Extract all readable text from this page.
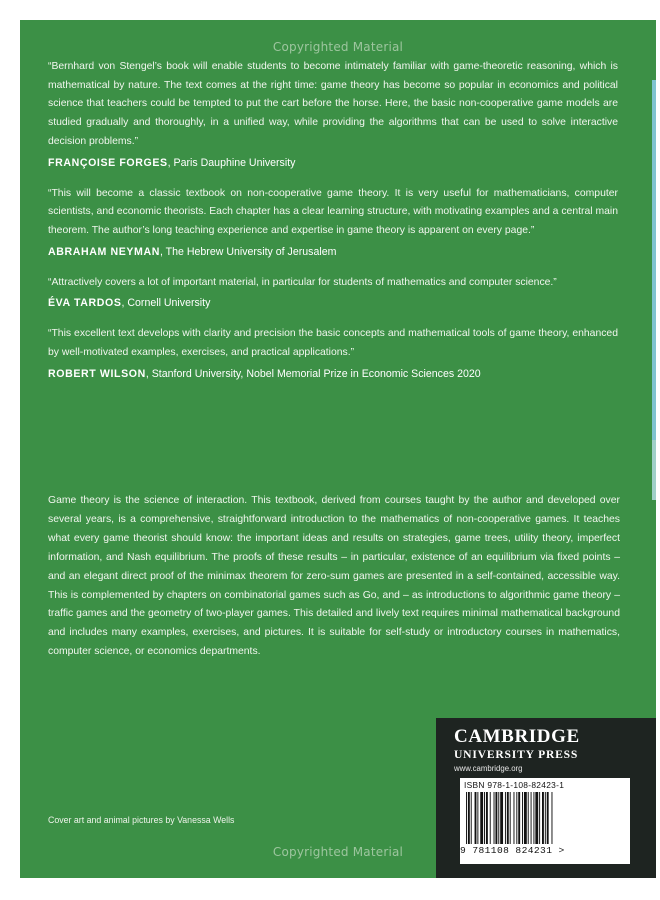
Copyrighted Material

“Bernhard von Stengel’s book will enable students to become intimately familiar with game-theoretic reasoning, which is mathematical by nature. The text comes at the right time: game theory has become so popular in economics and political science that teachers could be tempted to put the cart before the horse. Here, the basic non-cooperative game models are studied gradually and thoroughly, in a unified way, while providing the algorithms that can be used to solve interactive decision problems.”

FRANÇOISE FORGES, Paris Dauphine University

“This will become a classic textbook on non-cooperative game theory. It is very useful for mathematicians, computer scientists, and economic theorists. Each chapter has a clear learning structure, with motivating examples and a central main theorem. The author’s long teaching experience and expertise in game theory is apparent on every page.”

ABRAHAM NEYMAN, The Hebrew University of Jerusalem

“Attractively covers a lot of important material, in particular for students of mathematics and computer science.”

ÉVA TARDOS, Cornell University

“This excellent text develops with clarity and precision the basic concepts and mathematical tools of game theory, enhanced by well-motivated examples, exercises, and practical applications.”

ROBERT WILSON, Stanford University, Nobel Memorial Prize in Economic Sciences 2020

Game theory is the science of interaction. This textbook, derived from courses taught by the author and developed over several years, is a comprehensive, straightforward introduction to the mathematics of non-cooperative games. It teaches what every game theorist should know: the important ideas and results on strategies, game trees, utility theory, imperfect information, and Nash equilibrium. The proofs of these results – in particular, existence of an equilibrium via fixed points – and an elegant direct proof of the minimax theorem for zero-sum games are presented in a self-contained, accessible way. This is complemented by chapters on combinatorial games such as Go, and – as introductions to algorithmic game theory – traffic games and the geometry of two-player games. This detailed and lively text requires minimal mathematical background and includes many examples, exercises, and pictures. It is suitable for self-study or introductory courses in mathematics, computer science, or economics departments.

Cover art and animal pictures by Vanessa Wells

Copyrighted Material
CAMBRIDGE
UNIVERSITY PRESS
www.cambridge.org
ISBN 978-1-108-82423-1
9 781108 824231 >
